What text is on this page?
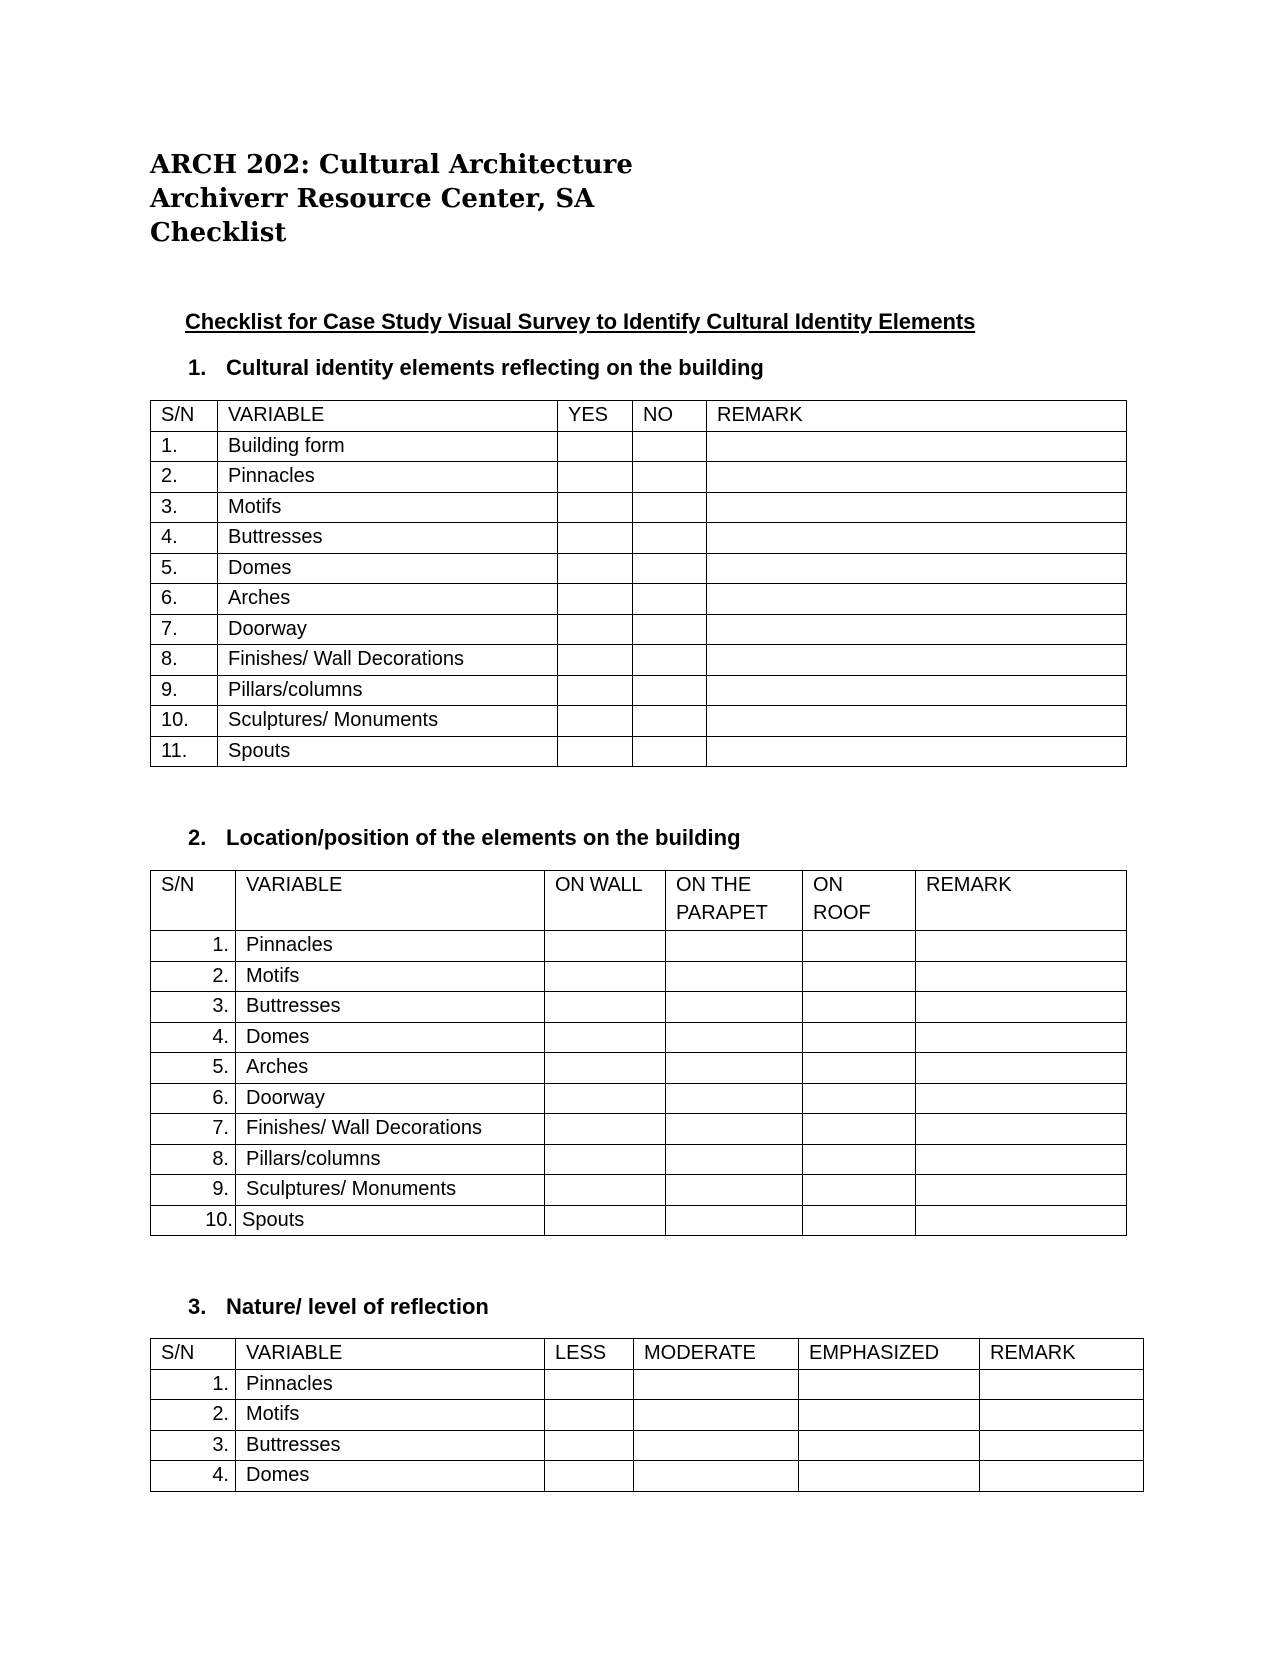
ARCH 202: Cultural Architecture
Archiverr Resource Center, SA
Checklist
Checklist for Case Study Visual Survey to Identify Cultural Identity Elements
1. Cultural identity elements reflecting on the building
S/N	VARIABLE	YES	NO	REMARK
1.	Building form			
2.	Pinnacles			
3.	Motifs			
4.	Buttresses			
5.	Domes			
6.	Arches			
7.	Doorway			
8.	Finishes/ Wall Decorations			
9.	Pillars/columns			
10.	Sculptures/ Monuments			
11.	Spouts			
2. Location/position of the elements on the building
S/N	VARIABLE	ON WALL	ON THE PARAPET	ON ROOF	REMARK
1.	Pinnacles				
2.	Motifs				
3.	Buttresses				
4.	Domes				
5.	Arches				
6.	Doorway				
7.	Finishes/ Wall Decorations				
8.	Pillars/columns				
9.	Sculptures/ Monuments				
10.	Spouts				
3. Nature/ level of reflection
S/N	VARIABLE	LESS	MODERATE	EMPHASIZED	REMARK
1.	Pinnacles				
2.	Motifs				
3.	Buttresses				
4.	Domes				
